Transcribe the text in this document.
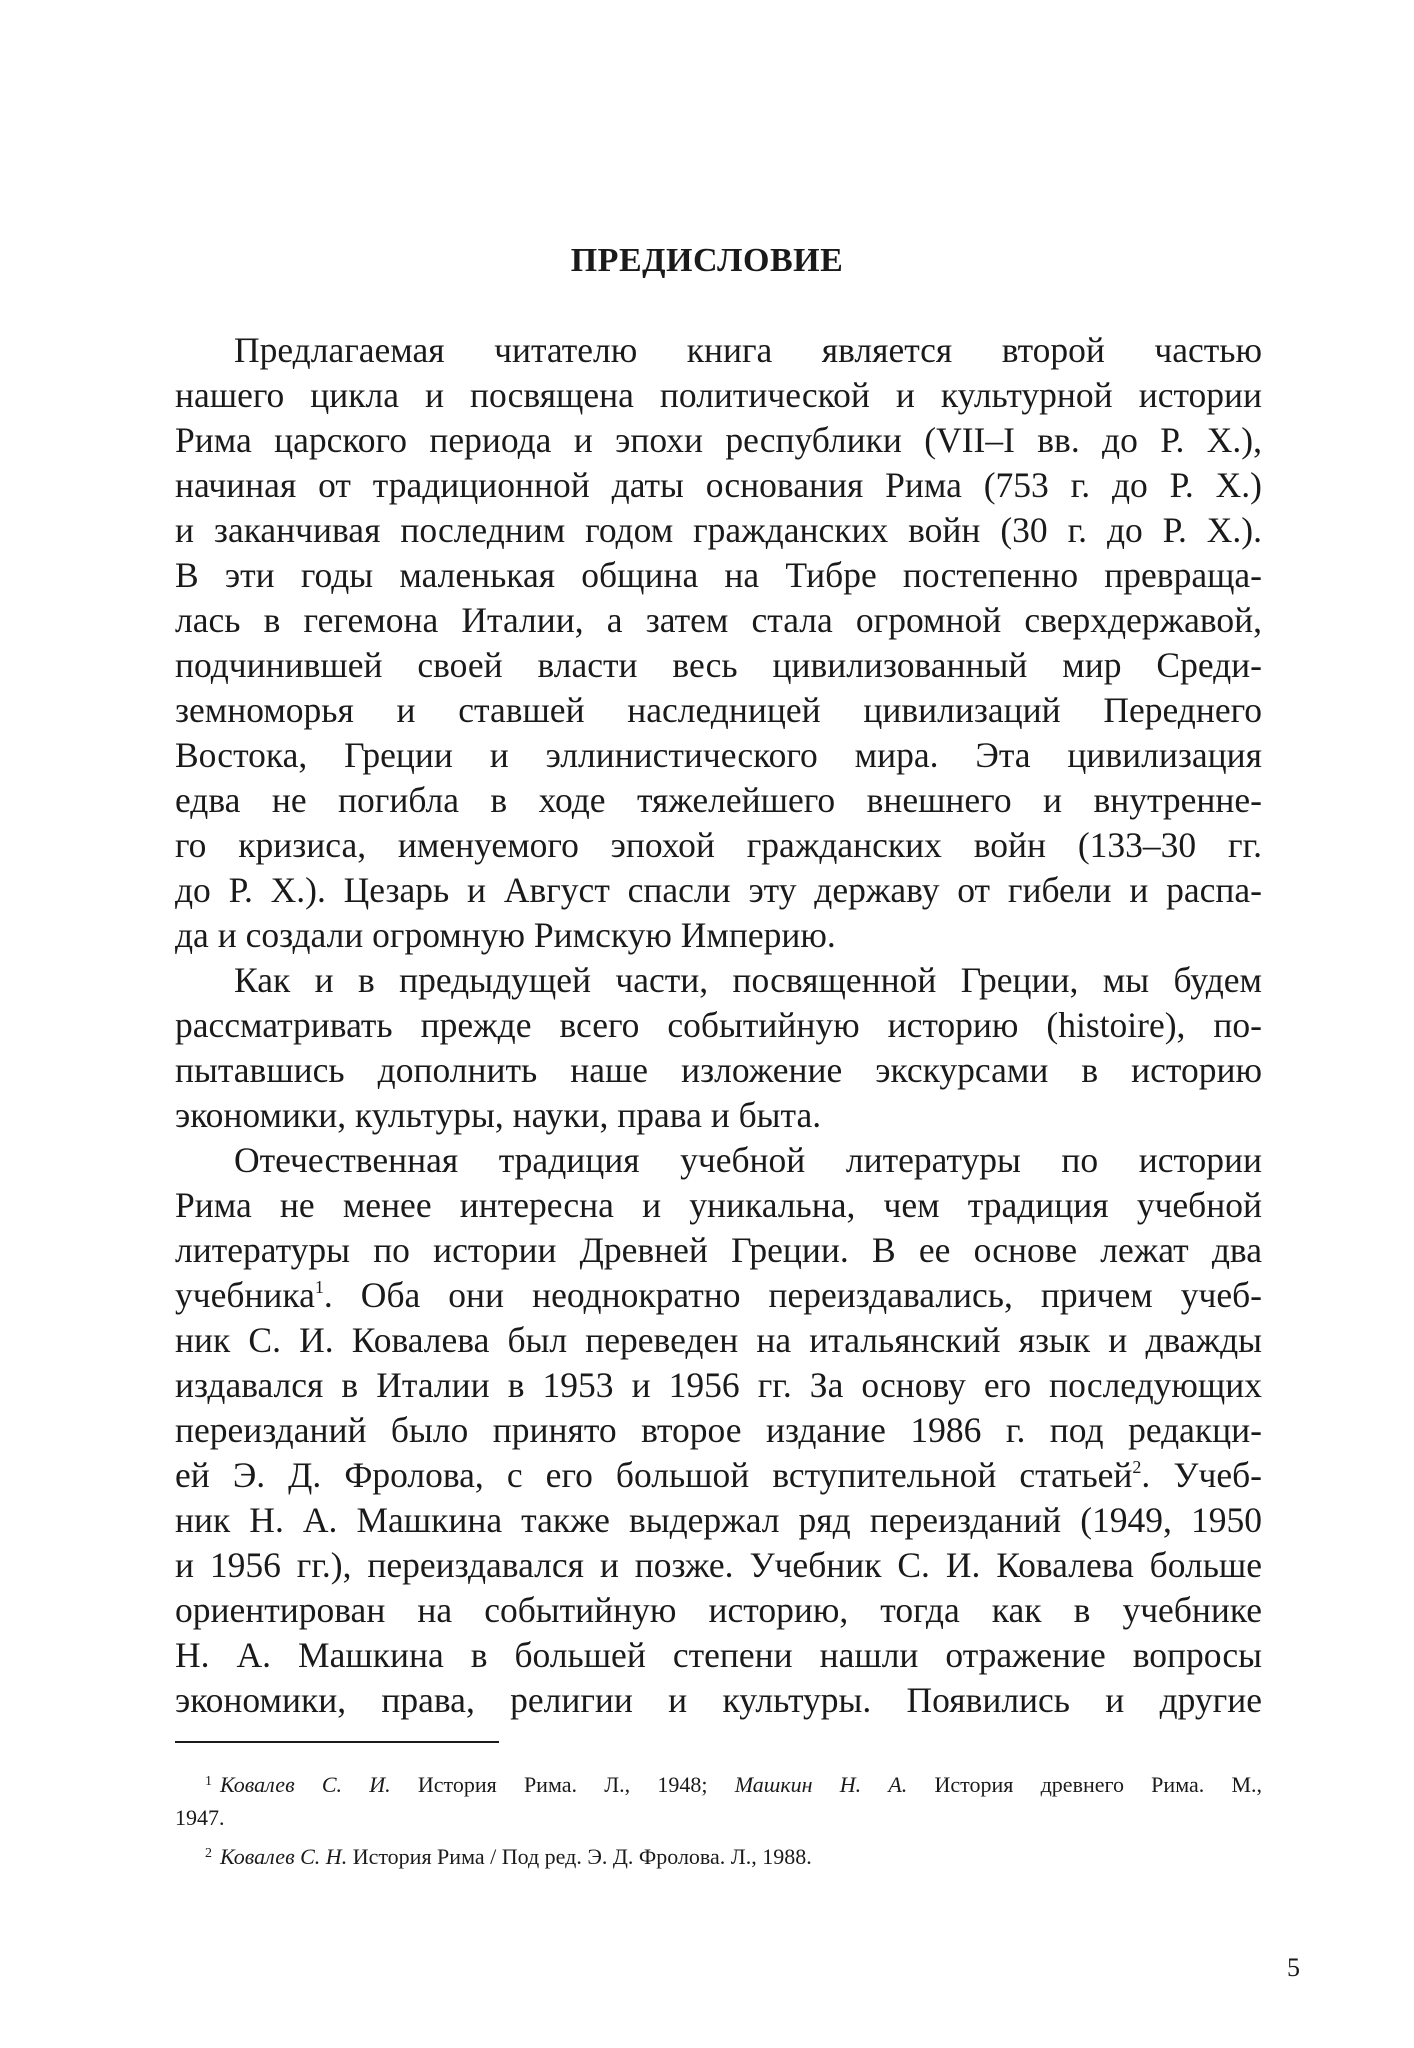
ПРЕДИСЛОВИЕ
Предлагаемая читателю книга является второй частью
нашего цикла и посвящена политической и культурной истории
Рима царского периода и эпохи республики (VII–I вв. до Р. Х.),
начиная от традиционной даты основания Рима (753 г. до Р. Х.)
и заканчивая последним годом гражданских войн (30 г. до Р. Х.).
В эти годы маленькая община на Тибре постепенно превраща-
лась в гегемона Италии, а затем стала огромной сверхдержавой,
подчинившей своей власти весь цивилизованный мир Среди-
земноморья и ставшей наследницей цивилизаций Переднего
Востока, Греции и эллинистического мира. Эта цивилизация
едва не погибла в ходе тяжелейшего внешнего и внутренне-
го кризиса, именуемого эпохой гражданских войн (133–30 гг.
до Р. Х.). Цезарь и Август спасли эту державу от гибели и распа-
да и создали огромную Римскую Империю.
Как и в предыдущей части, посвященной Греции, мы будем
рассматривать прежде всего событийную историю (histoire), по-
пытавшись дополнить наше изложение экскурсами в историю
экономики, культуры, науки, права и быта.
Отечественная традиция учебной литературы по истории
Рима не менее интересна и уникальна, чем традиция учебной
литературы по истории Древней Греции. В ее основе лежат два
учебника$^1$. Оба они неоднократно переиздавались, причем учеб-
ник С. И. Ковалева был переведен на итальянский язык и дважды
издавался в Италии в 1953 и 1956 гг. За основу его последующих
переизданий было принято второе издание 1986 г. под редакци-
ей Э. Д. Фролова, с его большой вступительной статьей$^2$. Учеб-
ник Н. А. Машкина также выдержал ряд переизданий (1949, 1950
и 1956 гг.), переиздавался и позже. Учебник С. И. Ковалева больше
ориентирован на событийную историю, тогда как в учебнике
Н. А. Машкина в большей степени нашли отражение вопросы
экономики, права, религии и культуры. Появились и другие
$^1$ Ковалев С. И. История Рима. Л., 1948; Машкин Н. А. История древнего Рима. М.,
1947.
$^2$ Ковалев С. Н. История Рима / Под ред. Э. Д. Фролова. Л., 1988.
5
